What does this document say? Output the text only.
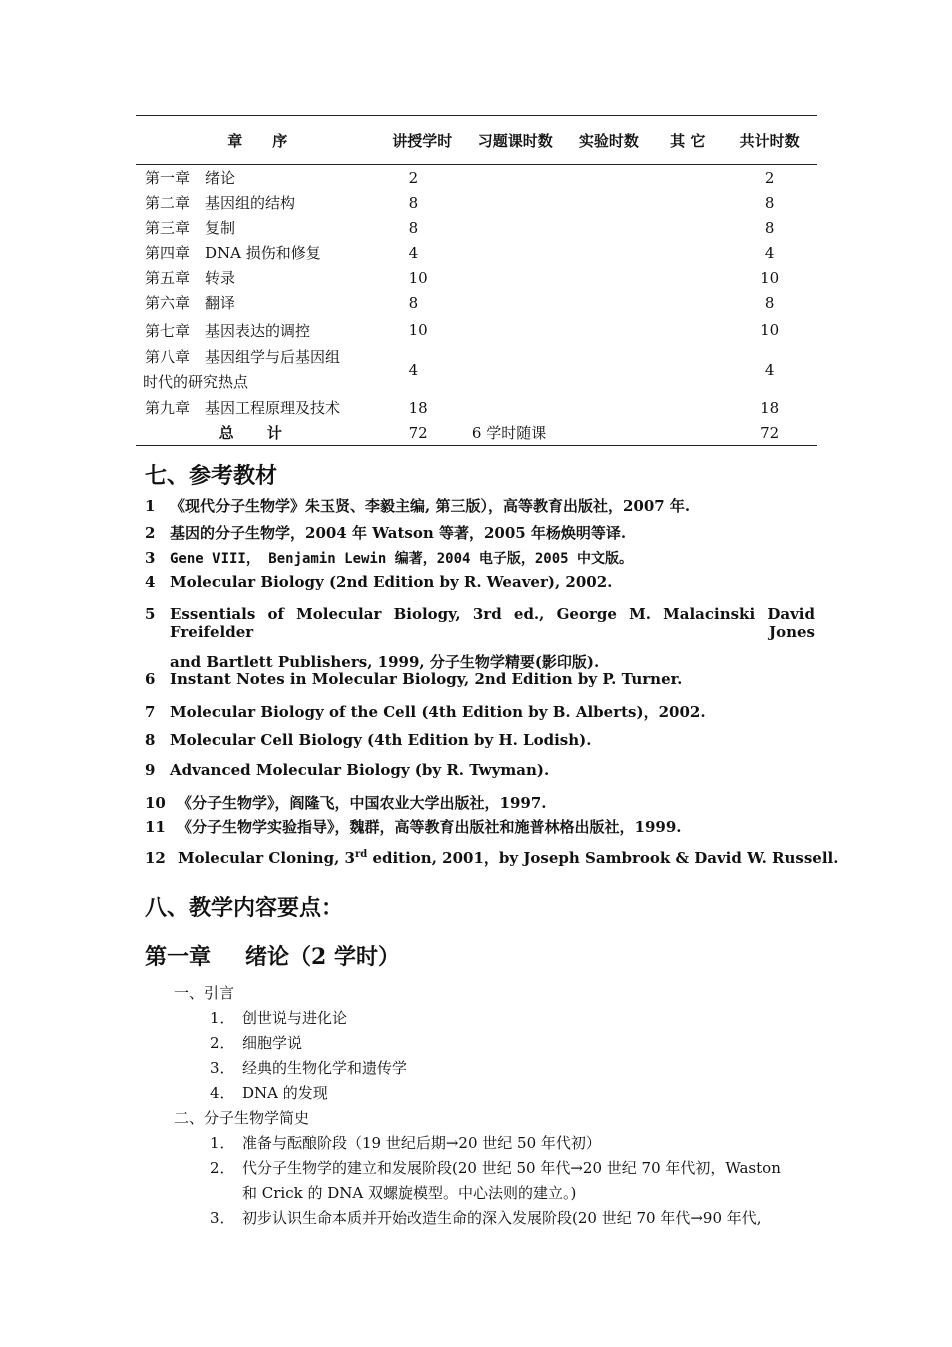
章　　序	讲授学时	习题课时数	实验时数	其 它	共计时数
第一章　绪论	2				2
第二章　基因组的结构	8				8
第三章　复制	8				8
第四章　DNA 损伤和修复	4				4
第五章　转录	10				10
第六章　翻译	8				8
第七章　基因表达的调控	10				10

第八章　基因组学与后基因组
时代的研究热点	4				4
第九章　基因工程原理及技术	18				18
总 计	72	6 学时随课			72
七、参考教材
1 《现代分子生物学》朱玉贤、李毅主编, 第三版），高等教育出版社，2007 年.
2 基因的分子生物学，2004 年 Watson 等著，2005 年杨焕明等译.
3 Gene VIII， Benjamin Lewin 编著，2004 电子版，2005 中文版。
4 Molecular Biology (2nd Edition by R. Weaver), 2002.
5 Essentials of Molecular Biology, 3rd ed., George M. Malacinski David Freifelder Jones
and Bartlett Publishers, 1999, 分子生物学精要(影印版).
6 Instant Notes in Molecular Biology, 2nd Edition by P. Turner.
7 Molecular Biology of the Cell (4th Edition by B. Alberts)，2002.
8 Molecular Cell Biology (4th Edition by H. Lodish).
9 Advanced Molecular Biology (by R. Twyman).
10 《分子生物学》，阎隆飞，中国农业大学出版社，1997.
11 《分子生物学实验指导》，魏群，高等教育出版社和施普林格出版社，1999.
12 Molecular Cloning, 3rd edition, 2001，by Joseph Sambrook & David W. Russell.
八、教学内容要点：
第一章 绪论（2 学时）
一、引言
1． 创世说与进化论
2． 细胞学说
3． 经典的生物化学和遗传学
4． DNA 的发现
二、分子生物学简史
1． 准备与酝酿阶段（19 世纪后期→20 世纪 50 年代初）
2． 代分子生物学的建立和发展阶段(20 世纪 50 年代→20 世纪 70 年代初，Waston
和 Crick 的 DNA 双螺旋模型。中心法则的建立。)
3． 初步认识生命本质并开始改造生命的深入发展阶段(20 世纪 70 年代→90 年代,
